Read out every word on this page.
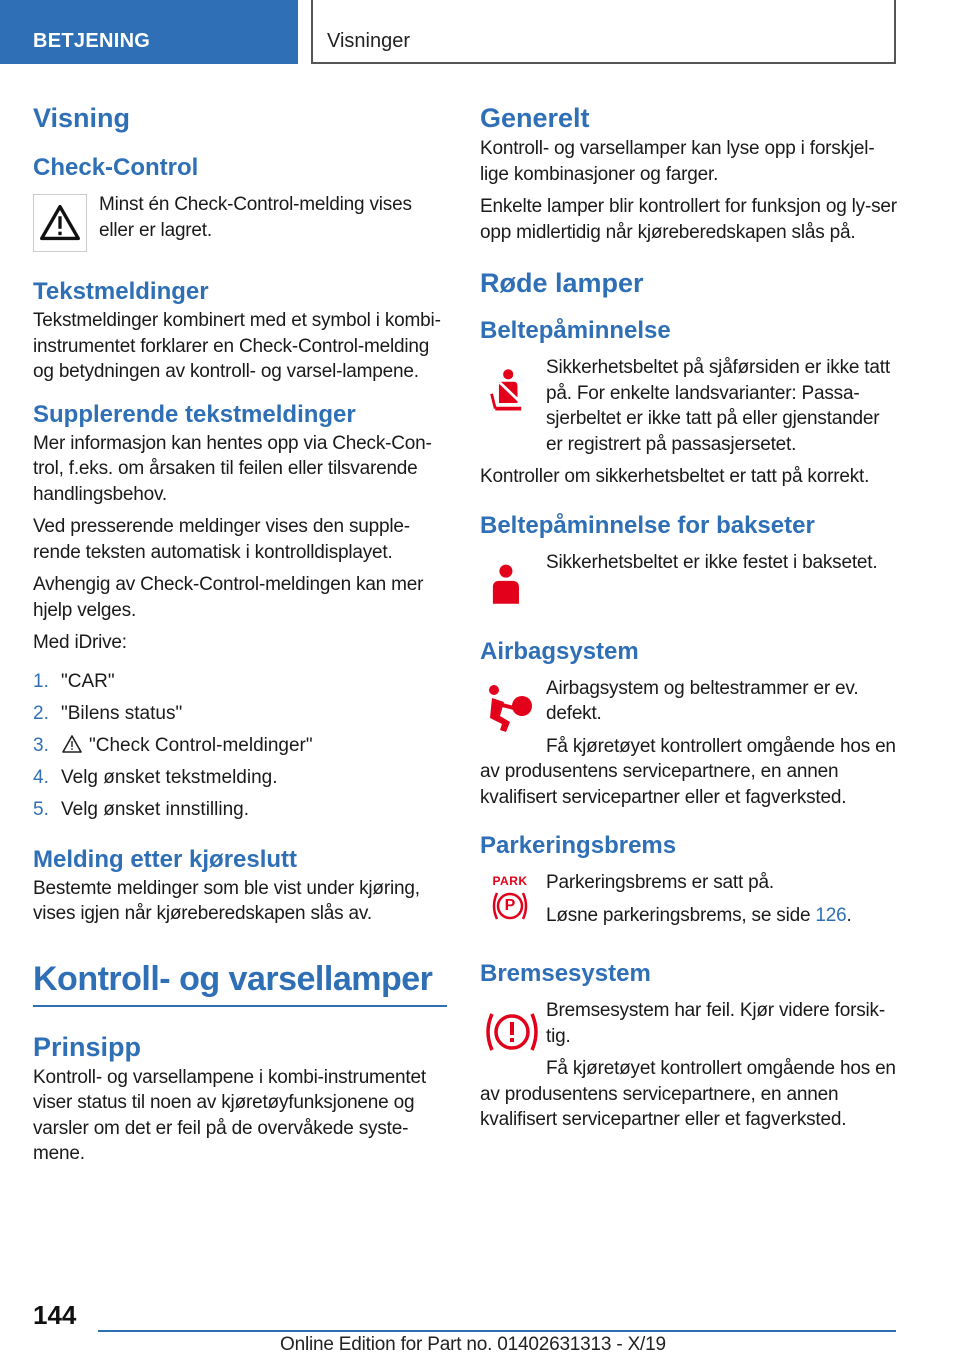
BETJENING	Visninger
Visning
Check-Control

Minst én Check-Control-melding vises eller er lagret.

Tekstmeldinger

Tekstmeldinger kombinert med et symbol i kombi-instrumentet forklarer en Check-Control-melding og betydningen av kontroll- og varsel-lampene.

Supplerende tekstmeldinger

Mer informasjon kan hentes opp via Check-Con-trol, f.eks. om årsaken til feilen eller tilsvarende handlingsbehov.

Ved presserende meldinger vises den supple-rende teksten automatisk i kontrolldisplayet.

Avhengig av Check-Control-meldingen kan mer hjelp velges.

Med iDrive:

1. "CAR"
2. "Bilens status"
3. "Check Control-meldinger"
4. Velg ønsket tekstmelding.
5. Velg ønsket innstilling.
Melding etter kjøreslutt

Bestemte meldinger som ble vist under kjøring, vises igjen når kjøreberedskapen slås av.

Kontroll- og varsellamper
Prinsipp

Kontroll- og varsellampene i kombi-instrumentet viser status til noen av kjøretøyfunksjonene og varsler om det er feil på de overvåkede syste-mene.

Generelt

Kontroll- og varsellamper kan lyse opp i forskjel-lige kombinasjoner og farger.

Enkelte lamper blir kontrollert for funksjon og ly-ser opp midlertidig når kjøreberedskapen slås på.

Røde lamper
Beltepåminnelse

Sikkerhetsbeltet på sjåførsiden er ikke tatt på. For enkelte landsvarianter: Passa-sjerbeltet er ikke tatt på eller gjenstander er registrert på passasjersetet.

Kontroller om sikkerhetsbeltet er tatt på korrekt.

Beltepåminnelse for bakseter

Sikkerhetsbeltet er ikke festet i baksetet.

Airbagsystem

Airbagsystem og beltestrammer er ev. defekt.

Få kjøretøyet kontrollert omgående hos en av produsentens servicepartnere, en annen kvalifisert servicepartner eller et fagverksted.

Parkeringsbrems
PARK
P

Parkeringsbrems er satt på.

Løsne parkeringsbrems, se side 126.

Bremsesystem

Bremsesystem har feil. Kjør videre forsik-tig.

Få kjøretøyet kontrollert omgående hos en av produsentens servicepartnere, en annen kvalifisert servicepartner eller et fagverksted.

144
Online Edition for Part no. 01402631313 - X/19
